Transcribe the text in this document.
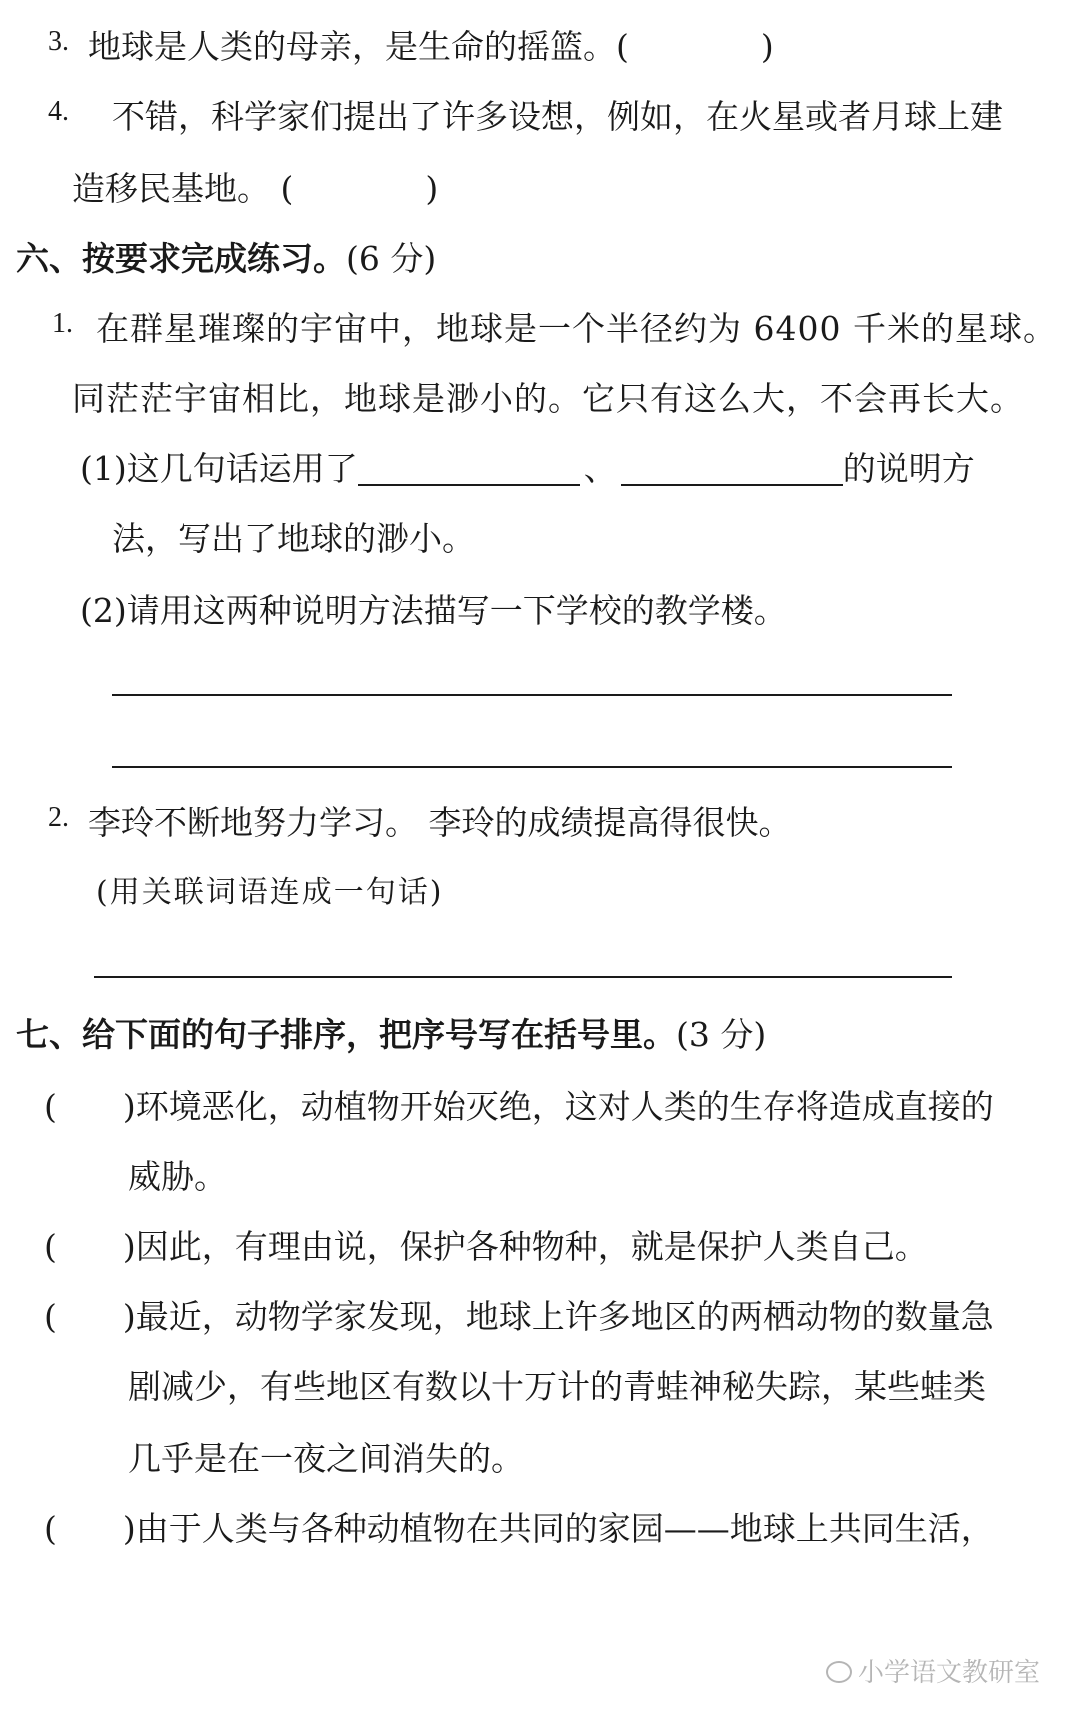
3. 地球是人类的母亲，是生命的摇篮。(　　　　)
4. 不错，科学家们提出了许多设想，例如，在火星或者月球上建
造移民基地。 (　　　　)
六、按要求完成练习。(6 分)
1. 在群星璀璨的宇宙中，地球是一个半径约为 6400 千米的星球。
同茫茫宇宙相比，地球是渺小的。它只有这么大，不会再长大。
(1)这几句话运用了	、	的说明方
法，写出了地球的渺小。
(2)请用这两种说明方法描写一下学校的教学楼。
2. 李玲不断地努力学习。 李玲的成绩提高得很快。
(用关联词语连成一句话)
七、给下面的句子排序，把序号写在括号里。(3 分)
(　　)环境恶化，动植物开始灭绝，这对人类的生存将造成直接的
威胁。
(　　)因此，有理由说，保护各种物种，就是保护人类自己。
(　　)最近，动物学家发现，地球上许多地区的两栖动物的数量急
剧减少，有些地区有数以十万计的青蛙神秘失踪，某些蛙类
几乎是在一夜之间消失的。
(　　)由于人类与各种动植物在共同的家园——地球上共同生活，
小学语文教研室
